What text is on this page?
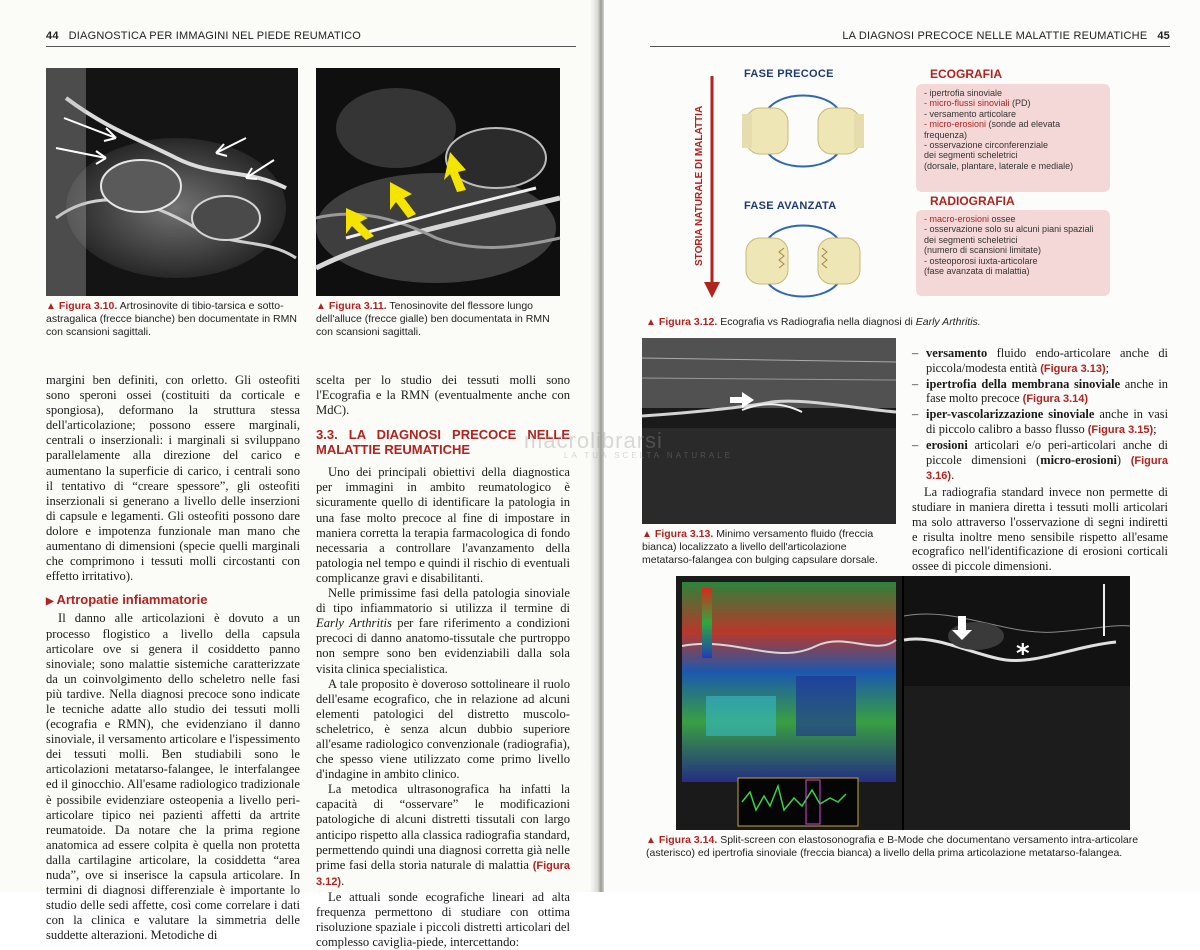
44 DIAGNOSTICA PER IMMAGINI NEL PIEDE REUMATICO
▲ Figura 3.10. Artrosinovite di tibio-tarsica e sotto-astragalica (frecce bianche) ben documentate in RMN con scansioni sagittali.
▲ Figura 3.11. Tenosinovite del flessore lungo dell'alluce (frecce gialle) ben documentata in RMN con scansioni sagittali.

margini ben definiti, con orletto. Gli osteofiti sono speroni ossei (costituiti da corticale e spongiosa), deformano la struttura stessa dell'articolazione; possono essere marginali, centrali o inserzionali: i marginali si sviluppano parallelamente alla direzione del carico e aumentano la superficie di carico, i centrali sono il tentativo di “creare spessore”, gli osteofiti inserzionali si generano a livello delle inserzioni di capsule e legamenti. Gli osteofiti possono dare dolore e impotenza funzionale man mano che aumentano di dimensioni (specie quelli marginali che comprimono i tessuti molli circostanti con effetto irritativo).

▶ Artropatie infiammatorie

Il danno alle articolazioni è dovuto a un processo flogistico a livello della capsula articolare ove si genera il cosiddetto panno sinoviale; sono malattie sistemiche caratterizzate da un coinvolgimento dello scheletro nelle fasi più tardive. Nella diagnosi precoce sono indicate le tecniche adatte allo studio dei tessuti molli (ecografia e RMN), che evidenziano il danno sinoviale, il versamento articolare e l'ispessimento dei tessuti molli. Ben studiabili sono le articolazioni metatarso-falangee, le interfalangee ed il ginocchio. All'esame radiologico tradizionale è possibile evidenziare osteopenia a livello peri-articolare tipico nei pazienti affetti da artrite reumatoide. Da notare che la prima regione anatomica ad essere colpita è quella non protetta dalla cartilagine articolare, la cosiddetta “area nuda”, ove si inserisce la capsula articolare. In termini di diagnosi differenziale è importante lo studio delle sedi affette, così come correlare i dati con la clinica e valutare la simmetria delle suddette alterazioni. Metodiche di

scelta per lo studio dei tessuti molli sono l'Ecografia e la RMN (eventualmente anche con MdC).

3.3. LA DIAGNOSI PRECOCE NELLE MALATTIE REUMATICHE

Uno dei principali obiettivi della diagnostica per immagini in ambito reumatologico è sicuramente quello di identificare la patologia in una fase molto precoce al fine di impostare in maniera corretta la terapia farmacologica di fondo necessaria a controllare l'avanzamento della patologia nel tempo e quindi il rischio di eventuali complicanze gravi e disabilitanti.

Nelle primissime fasi della patologia sinoviale di tipo infiammatorio si utilizza il termine di Early Arthritis per fare riferimento a condizioni precoci di danno anatomo-tissutale che purtroppo non sempre sono ben evidenziabili dalla sola visita clinica specialistica.

A tale proposito è doveroso sottolineare il ruolo dell'esame ecografico, che in relazione ad alcuni elementi patologici del distretto muscolo-scheletrico, è senza alcun dubbio superiore all'esame radiologico convenzionale (radiografia), che spesso viene utilizzato come primo livello d'indagine in ambito clinico.

La metodica ultrasonografica ha infatti la capacità di “osservare” le modificazioni patologiche di alcuni distretti tissutali con largo anticipo rispetto alla classica radiografia standard, permettendo quindi una diagnosi corretta già nelle prime fasi della storia naturale di malattia (Figura 3.12).

Le attuali sonde ecografiche lineari ad alta frequenza permettono di studiare con ottima risoluzione spaziale i piccoli distretti articolari del complesso caviglia-piede, intercettando:

LA DIAGNOSI PRECOCE NELLE MALATTIE REUMATICHE 45
STORIA NATURALE DI MALATTIA
FASE PRECOCE
FASE AVANZATA
ECOGRAFIA
- ipertrofia sinoviale
- micro-flussi sinoviali (PD)
- versamento articolare
- micro-erosioni (sonde ad elevata frequenza)
- osservazione circonferenziale
dei segmenti scheletrici
(dorsale, plantare, laterale e mediale)
RADIOGRAFIA
- macro-erosioni ossee
- osservazione solo su alcuni piani spaziali
dei segmenti scheletrici
(numero di scansioni limitate)
- osteoporosi iuxta-articolare
(fase avanzata di malattia)
▲ Figura 3.12. Ecografia vs Radiografia nella diagnosi di Early Arthritis.
▲ Figura 3.13. Minimo versamento fluido (freccia bianca) localizzato a livello dell'articolazione metatarso-falangea con bulging capsulare dorsale.
– versamento fluido endo-articolare anche di piccola/modesta entità (Figura 3.13);
– ipertrofia della membrana sinoviale anche in fase molto precoce (Figura 3.14)
– iper-vascolarizzazione sinoviale anche in vasi di piccolo calibro a basso flusso (Figura 3.15);
– erosioni articolari e/o peri-articolari anche di piccole dimensioni (micro-erosioni) (Figura 3.16).

La radiografia standard invece non permette di studiare in maniera diretta i tessuti molli articolari ma solo attraverso l'osservazione di segni indiretti e risulta inoltre meno sensibile rispetto all'esame ecografico nell'identificazione di erosioni corticali ossee di piccole dimensioni.

*
▲ Figura 3.14. Split-screen con elastosonografia e B-Mode che documentano versamento intra-articolare (asterisco) ed ipertrofia sinoviale (freccia bianca) a livello della prima articolazione metatarso-falangea.
macrolibrarsi
LA TUA SCELTA NATURALE
